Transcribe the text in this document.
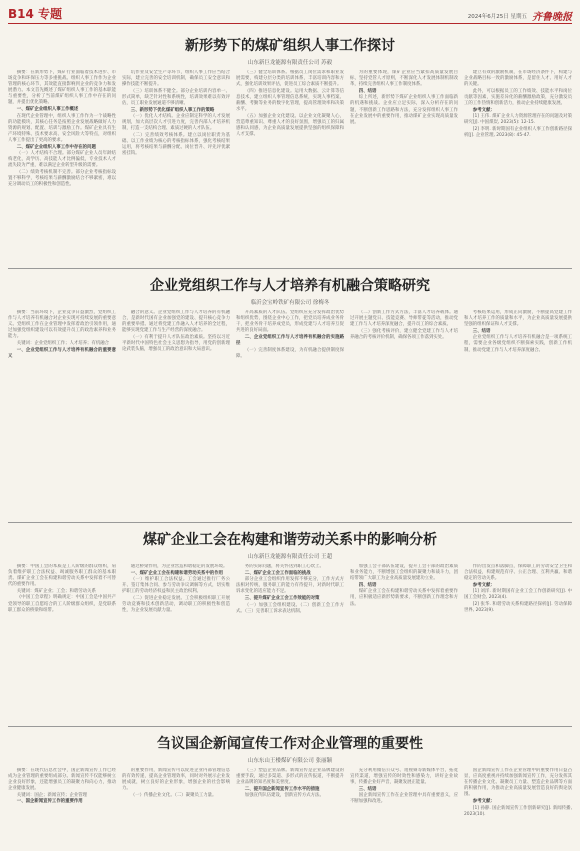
B14 专题	2024年6月25日
星期五 齐鲁晚报
新形势下的煤矿组织人事工作探讨
山东新巨龙能源有限责任公司 苏毅

摘要：在新形势下，煤矿行业面临着技术进步、市场竞争和环保压力等多重挑战。组织人事工作作为企业管理的核心环节，其效能直接影响到企业的竞争力和发展潜力。本文首先概述了煤矿组织人事工作的基本职能与重要性，分析了当前煤矿组织人事工作中存在的问题，并提出优化策略。

一、煤矿企业组织人事工作概述

在现代企业管理中，组织人事工作作为一个战略性的功能模块，其核心任务是按照企业发展战略做好人力资源的规划、配置、培训与激励工作。煤矿企业具有生产环境特殊、技术要求高、安全风险大等特点，对组织人事工作提出了更高的要求。

二、煤矿企业组织人事工作中存在的问题

（一）人才结构不合理。部分煤矿企业人员年龄结构老化，高学历、高技能人才比例偏低，专业技术人才流失较为严重，难以满足企业转型升级的需要。

（二）绩效考核机制不完善。部分企业考核指标设置不够科学，考核结果与薪酬激励结合不够紧密，难以充分调动员工的积极性和创造性。

坑作业及安全生产等环节，组织人事工作应当结合实际，建立完善的安全培训机制，确保员工安全意识和操作技能不断提升。

（三）培训体系不健全。部分企业培训内容单一、形式简单，缺乏针对性和系统性，培训效果难以有效评估，员工职业发展通道不够清晰。

三、新形势下优化煤矿组织人事工作的策略

（一）优化人才结构。企业应制定科学的人才发展规划，加大高层次人才引进力度，完善内部人才培养机制，打造一支结构合理、素质过硬的人才队伍。

（二）完善绩效考核体系。建立以岗位职责为基础、以工作业绩为核心的考核指标体系，强化考核结果运用，将考核结果与薪酬分配、岗位晋升、评先评优紧密挂钩。

（三）健全培训体系。根据员工岗位需求和职业发展需要，构建分层分类的培训体系，丰富培训内容和方式，强化培训效果评估，促进员工综合素质不断提升。

（四）推进信息化建设。运用大数据、云计算等信息技术，建立组织人事管理信息系统，实现人事档案、薪酬、考勤等业务的数字化管理，提高管理效率和决策水平。

（五）加强企业文化建设。以企业文化凝聚人心，营造尊重知识、尊重人才的良好氛围，增强员工的归属感和认同感，为企业高质量发展提供坚强的组织保障和人才支撑。

为的重要体现，煤矿企业应当紧扣高质量发展目标，坚持党管人才原则，不断深化人才发展体制机制改革，持续完善组织人事工作制度体系。

四、结语

综上所述，新形势下煤矿企业组织人事工作面临新的机遇和挑战。企业应立足实际，深入分析存在的问题，不断创新工作思路和方法，充分发挥组织人事工作在企业发展中的重要作用，推动煤矿企业实现高质量发展。

建立有效的激励机制，在市场经济条件下，构建与企业战略目标一致的激励体系，是留住人才、用好人才的关键。

此外，可以根据员工的工作绩效、技能水平和岗位贡献等因素，实施差异化的薪酬激励政策，充分激发员工的工作热情和创新活力，推动企业持续健康发展。

参考文献：

[1] 王伟. 煤矿企业人力资源管理存在的问题及对策研究[J]. 中国煤炭, 2023(5): 12-15.

[2] 李明. 新时期国有企业组织人事工作创新路径探析[J]. 企业管理, 2023(8): 45-47.

企业党组织工作与人才培养有机融合策略研究
临沂会宝岭铁矿有限公司 徐梅冬

摘要：当前环境下，企业竞争日益激烈，党组织工作与人才培养有机融合对企业实现可持续发展的重要意义。党组织工作在企业管理中发挥着政治引领作用，通过加强党组织建设可以有效提升员工的政治素养和业务能力。

关键词：企业党组织工作；人才培养；有机融合

一、企业党组织工作与人才培养有机融合的重要意义

融合的意义。企业党组织工作与人才培养的有机融合，是新时代国有企业加强党的建设、提升核心竞争力的重要举措。通过将党建工作融入人才培养的全过程，能够实现党建工作与生产经营的深度融合。

（一）有利于提升人才队伍政治素质。坚持以习近平新时代中国特色社会主义思想为指导，用党的创新理论武装头脑，增强员工的政治意识和大局意识。

升高素质的人才队伍。党组织应充分发挥政治优势和组织优势，围绕企业中心工作，把党员培养成业务骨干，把业务骨干培养成党员，形成党建与人才培养互促共进的良好局面。

二、企业党组织工作与人才培养有机融合的实施路径

（一）完善制度体系建设，为有机融合提供制度保障。

（二）创新工作方式方法，丰富人才培养载体。通过开展主题党日、技能竞赛、导师带徒等活动，推动党建工作与人才培养深度融合，提升员工的综合素质。

（三）强化考核评价，建立健全党建工作与人才培养融合的考核评价机制，确保各项工作落到实处。

考核结果运用，形成正向激励，不断提高党建工作和人才培养工作的质量和水平，为企业高质量发展提供坚强的组织保证和人才支撑。

三、结语

企业党组织工作与人才培养有机融合是一项系统工程，需要企业各级党组织不断探索实践，创新工作机制，推动党建工作与人才培养深度融合。

煤矿企业工会在构建和谐劳动关系中的影响分析
山东新巨龙能源有限责任公司 王超

摘要：中国工会的本质是工人阶级的群众组织，肩负着维护职工合法权益、竭诚服务职工群众的基本职责。煤矿企业工会在构建和谐劳动关系中发挥着不可替代的重要作用。

关键词：煤矿企业；工会；和谐劳动关系

《中国工会章程》明确规定：中国工会是中国共产党领导的职工自愿结合的工人阶级群众组织，是党联系职工群众的桥梁和纽带。

通过桥梁作用，为企业营造和谐稳定的发展环境。

一、煤矿企业工会在构建和谐劳动关系中的作用

（一）维护职工合法权益。工会通过推行厂务公开、签订集体合同、参与劳动争议调解等方式，切实维护职工的劳动经济权益和民主政治权利。

（二）促进企业稳定发展。工会积极组织职工开展劳动竞赛和技术创新活动，调动职工的积极性和创造性，为企业发展贡献力量。

务的实际问题，将关怀送到职工心坎上。

二、煤矿企业工会工作面临的挑战

部分企业工会组织作用发挥不够充分，工作方式方法相对传统，服务职工的能力有待提升，对新时代职工诉求变化的适应能力不足。

三、提升煤矿企业工会工作效能的对策

（一）加强工会组织建设。（二）创新工会工作方式。（三）完善职工诉求表达机制。

加强工会干部队伍建设，提升工会干部的政治素质和业务能力，不断增强工会组织的凝聚力和战斗力，团结带领广大职工为企业高质量发展建功立业。

四、结语

煤矿企业工会在构建和谐劳动关系中发挥着重要作用，应积极适应新形势新要求，不断创新工作理念和方法。

作的出发点和落脚点，保障职工的劳动安全卫生和合法权益，构建规范有序、公正合理、互利共赢、和谐稳定的劳动关系。

参考文献：

[1] 刘洋. 新时期国有企业工会工作创新研究[J]. 中国工会财会, 2023(4).

[2] 张华. 和谐劳动关系构建路径探析[J]. 劳动保障世界, 2023(9).

刍议国企新闻宣传工作对企业管理的重要性
山东东山王楼煤矿有限公司 张丽颖

摘要：在现代信息社会中，国企新闻宣传工作已经成为企业管理的重要组成部分。新闻宣传不仅能够树立企业良好形象，还能增强员工的凝聚力和向心力，推动企业健康发展。

关键词：国企；新闻宣传；企业管理

一、国企新闻宣传工作的重要作用

的重要作用，新闻宣传可以促进企业内部管理信息的有效传递，提高企业管理效率，同时对外展示企业发展成就，树立良好的企业形象，增强企业的社会影响力。

（一）传播企业文化。（二）凝聚员工力量。

（三）塑造企业品牌。新闻宣传是企业品牌建设的重要手段，通过多渠道、多形式的宣传报道，不断提升企业品牌的知名度和美誉度。

二、提升国企新闻宣传工作水平的措施

加强宣传队伍建设，创新宣传方式方法。

充分利用微信公众号、短视频等新媒体平台，拓宽宣传渠道，增强宣传的时效性和感染力，讲好企业故事，传播企业好声音，凝聚发展正能量。

三、结语

国企新闻宣传工作在企业管理中具有重要意义，应不断加强和改进。

国企新闻宣传工作在企业管理中的重要作用日益凸显，应高度重视并持续加强新闻宣传工作，充分发挥其在传播企业文化、凝聚员工力量、塑造企业品牌等方面的积极作用，为推动企业高质量发展营造良好的舆论氛围。

参考文献：

[1] 孙静. 国企新闻宣传工作创新研究[J]. 新闻传播, 2023(10).
